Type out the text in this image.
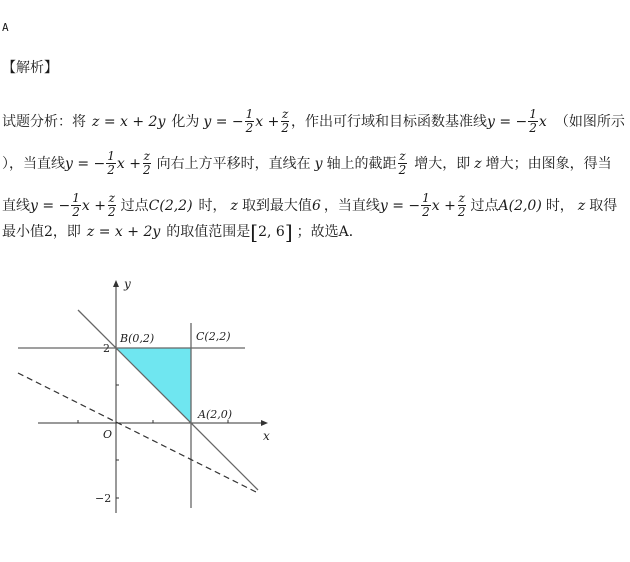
A
【解析】
试题分析：将 z = x + 2y 化为 y = − $\frac{1}{2}$ $x + \frac{z}{2}$ ，作出可行域和目标函数基准线 y = − $\frac{1}{2}$ x （如图所示
），当直线 y = − $\frac{1}{2}$ $x + \frac{z}{2}$ 向右上方平移时，直线在 y 轴上的截距 $\frac{z}{2}$ 增大，即 z 增大；由图象，得当
直线 y = − $\frac{1}{2}$ $x + \frac{z}{2}$ 过点 C(2,2) 时， z 取到最大值 6 ，当直线 y = − $\frac{1}{2}$ $x + \frac{z}{2}$ 过点 A(2,0) 时， z 取得
最小值2，即 z = x + 2y 的取值范围是 [ 2, 6 ] ；故选A．
y
x
O
2
−2
B(0,2)	C(2,2)
A(2,0)
